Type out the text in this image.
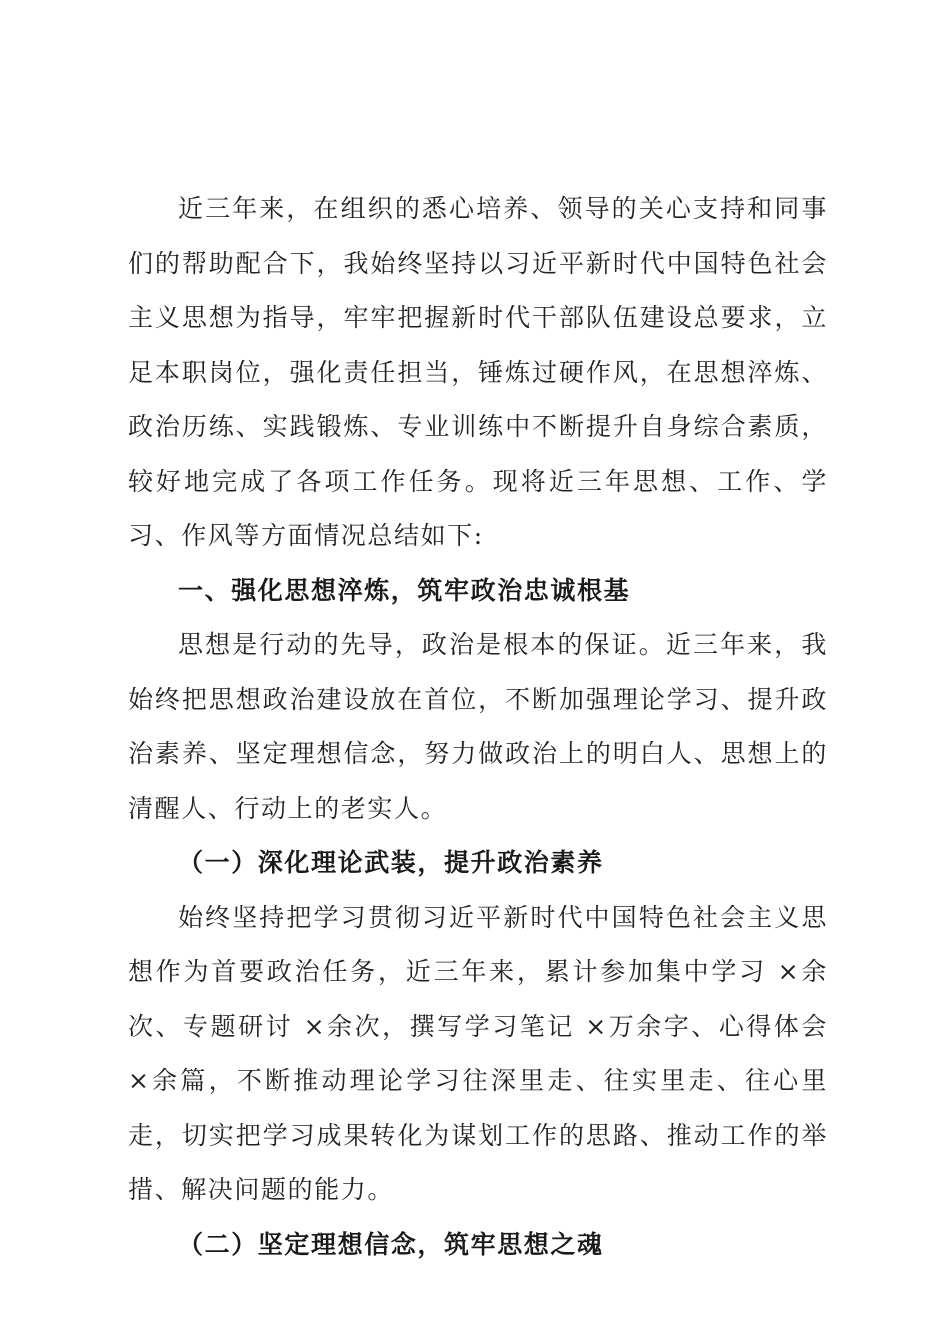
近三年来，在组织的悉心培养、领导的关心支持和同事们的帮助配合下，我始终坚持以习近平新时代中国特色社会主义思想为指导，牢牢把握新时代干部队伍建设总要求，立足本职岗位，强化责任担当，锤炼过硬作风，在思想淬炼、政治历练、实践锻炼、专业训练中不断提升自身综合素质，较好地完成了各项工作任务。现将近三年思想、工作、学习、作风等方面情况总结如下:

一、强化思想淬炼，筑牢政治忠诚根基

思想是行动的先导，政治是根本的保证。近三年来，我始终把思想政治建设放在首位，不断加强理论学习、提升政治素养、坚定理想信念，努力做政治上的明白人、思想上的清醒人、行动上的老实人。

（一）深化理论武装，提升政治素养

始终坚持把学习贯彻习近平新时代中国特色社会主义思想作为首要政治任务，近三年来，累计参加集中学习 ×余次、专题研讨 ×余次，撰写学习笔记 ×万余字、心得体会 ×余篇，不断推动理论学习往深里走、往实里走、往心里走，切实把学习成果转化为谋划工作的思路、推动工作的举措、解决问题的能力。

（二）坚定理想信念，筑牢思想之魂
